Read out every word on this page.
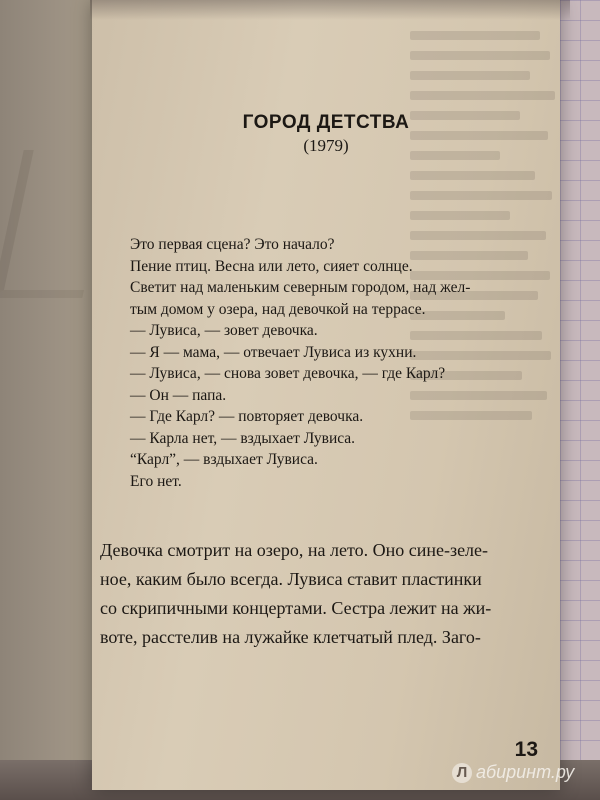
ГОРОД ДЕТСТВА
(1979)
Это первая сцена? Это начало?
Пение птиц. Весна или лето, сияет солнце.
Светит над маленьким северным городом, над жел-
тым домом у озера, над девочкой на террасе.
— Лувиса, — зовет девочка.
— Я — мама, — отвечает Лувиса из кухни.
— Лувиса, — снова зовет девочка, — где Карл?
— Он — папа.
— Где Карл? — повторяет девочка.
— Карла нет, — вздыхает Лувиса.
“Карл”, — вздыхает Лувиса.
Его нет.
Девочка смотрит на озеро, на лето. Оно сине-зеле-
ное, каким было всегда. Лувиса ставит пластинки
со скрипичными концертами. Сестра лежит на жи-
воте, расстелив на лужайке клетчатый плед. Заго-
13
Л абиринт.ру
